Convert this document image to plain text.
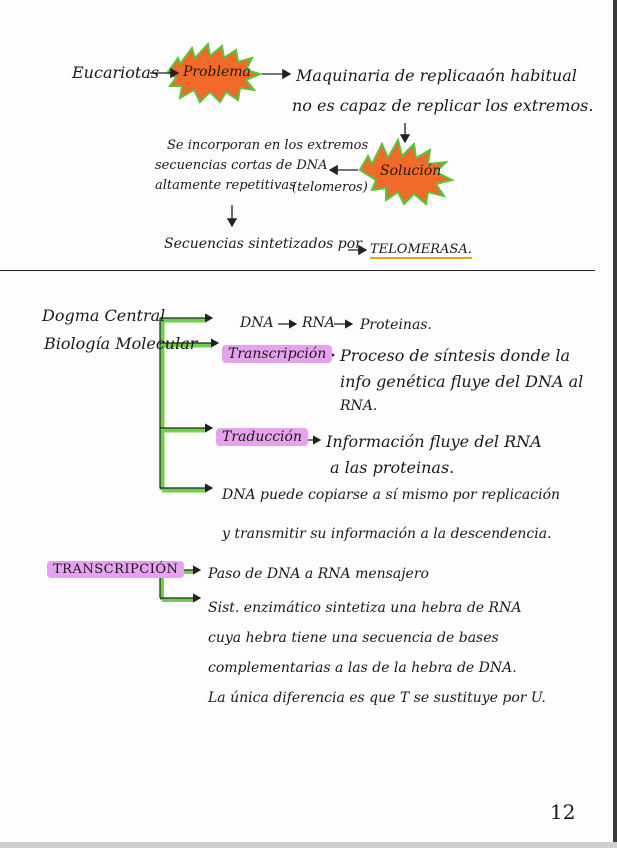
Eucariotas Problema	Maquinaria de replicaaón habitual
no es capaz de replicar los extremos.
Solución
Se incorporan en los extremos
secuencias cortas de DNA
altamente repetitivas
(telomeros)
Secuencias sintetizados por TELOMERASA.
Dogma Central
Biología Molecular
DNA RNA Proteinas.
Transcripción Proceso de síntesis donde la
info genética fluye del DNA al
RNA.
Traducción	Información fluye del RNA
a las proteinas.
DNA puede copiarse a sí mismo por replicación
y transmitir su información a la descendencia.
TRANSCRIPCIÓN	Paso de DNA a RNA mensajero
Sist. enzimático sintetiza una hebra de RNA
cuya hebra tiene una secuencia de bases
complementarias a las de la hebra de DNA.
La única diferencia es que T se sustituye por U.
12
